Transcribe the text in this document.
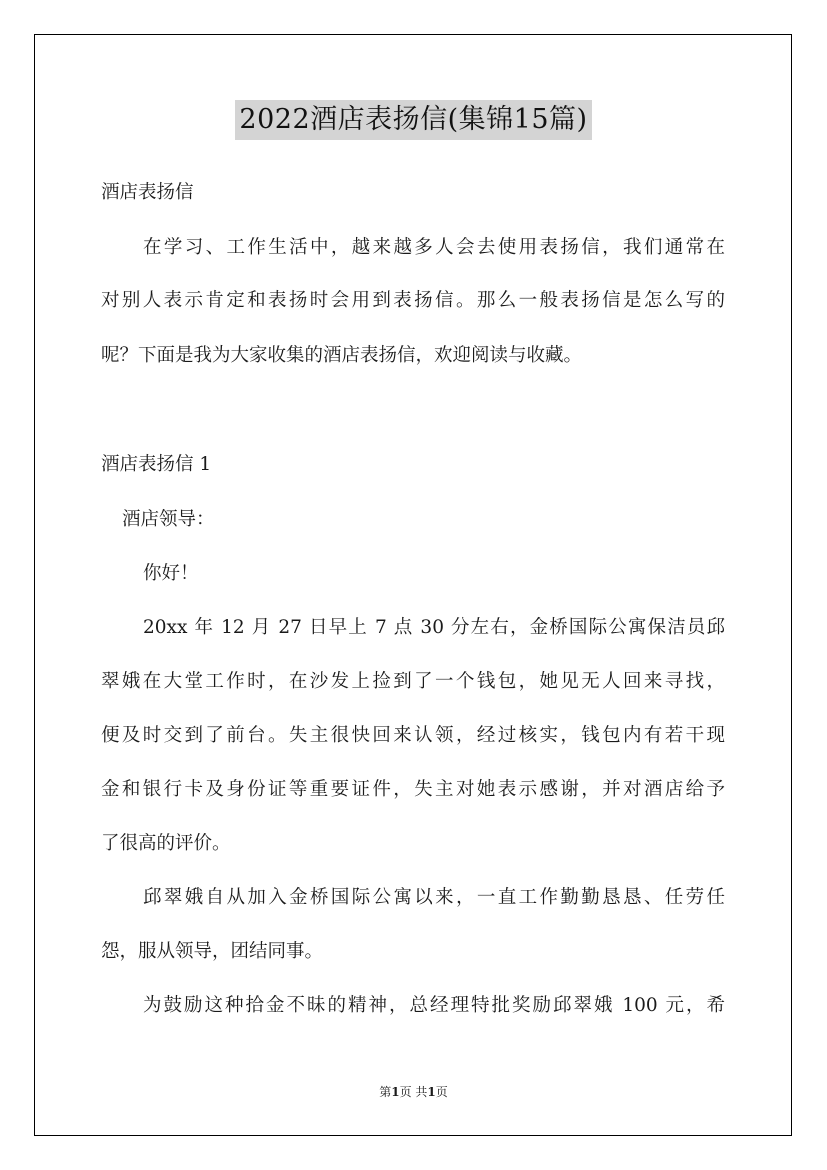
2022酒店表扬信(集锦15篇)
酒店表扬信
在学习、工作生活中，越来越多人会去使用表扬信，我们通常在
对别人表示肯定和表扬时会用到表扬信。那么一般表扬信是怎么写的
呢？下面是我为大家收集的酒店表扬信，欢迎阅读与收藏。
酒店表扬信 1
酒店领导：
你好！
20xx 年 12 月 27 日早上 7 点 30 分左右，金桥国际公寓保洁员邱
翠娥在大堂工作时，在沙发上捡到了一个钱包，她见无人回来寻找，
便及时交到了前台。失主很快回来认领，经过核实，钱包内有若干现
金和银行卡及身份证等重要证件，失主对她表示感谢，并对酒店给予
了很高的评价。
邱翠娥自从加入金桥国际公寓以来，一直工作勤勤恳恳、任劳任
怨，服从领导，团结同事。
为鼓励这种拾金不昧的精神，总经理特批奖励邱翠娥 100 元，希
第1页 共1页
